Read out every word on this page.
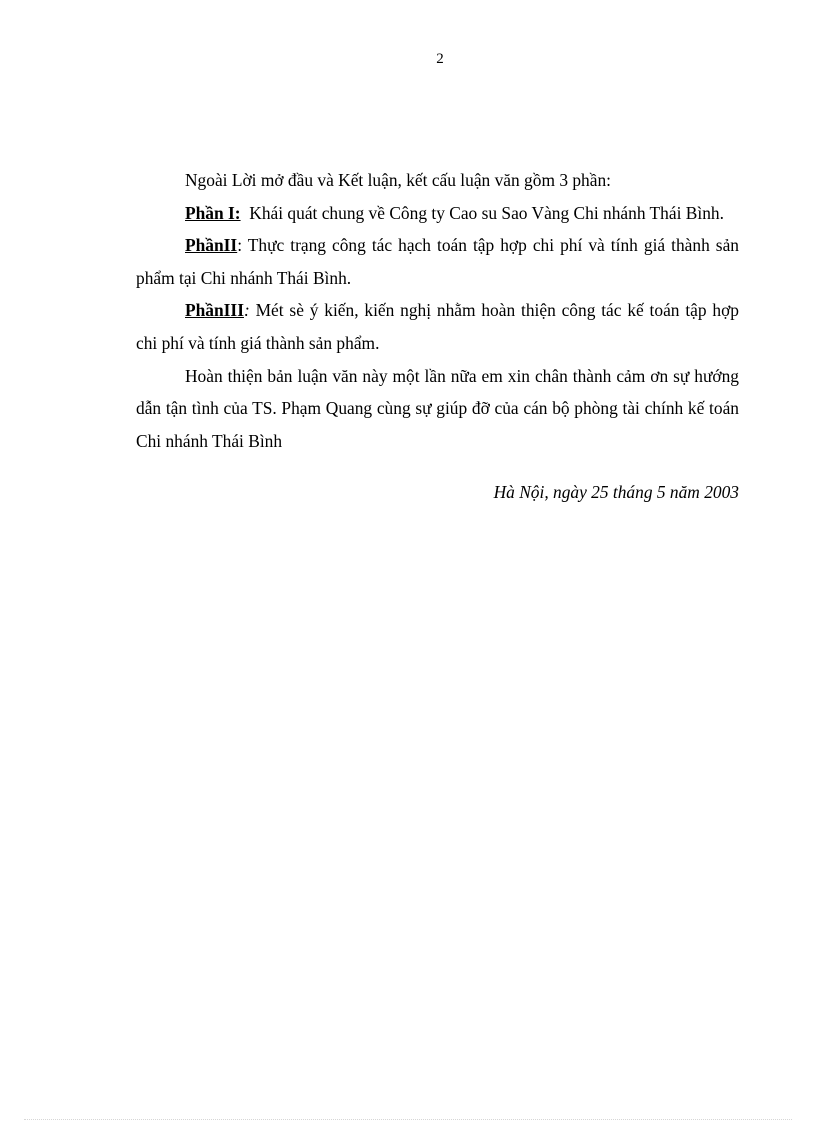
2

Ngoài Lời mở đầu và Kết luận, kết cấu luận văn gồm 3 phần:

Phần I:  Khái quát chung về Công ty Cao su Sao Vàng Chi nhánh Thái Bình.

PhầnII: Thực trạng công tác hạch toán tập hợp chi phí và tính giá thành sản phẩm tại Chi nhánh Thái Bình.

PhầnIII: Mét sè ý kiến, kiến nghị nhằm hoàn thiện công tác kế toán tập hợp chi phí và tính giá thành sản phẩm.

Hoàn thiện bản luận văn này một lần nữa em xin chân thành cảm ơn sự hướng dẫn tận tình của TS. Phạm Quang cùng sự giúp đỡ của cán bộ phòng tài chính kế toán Chi nhánh Thái Bình

Hà Nội, ngày 25 tháng 5 năm 2003
